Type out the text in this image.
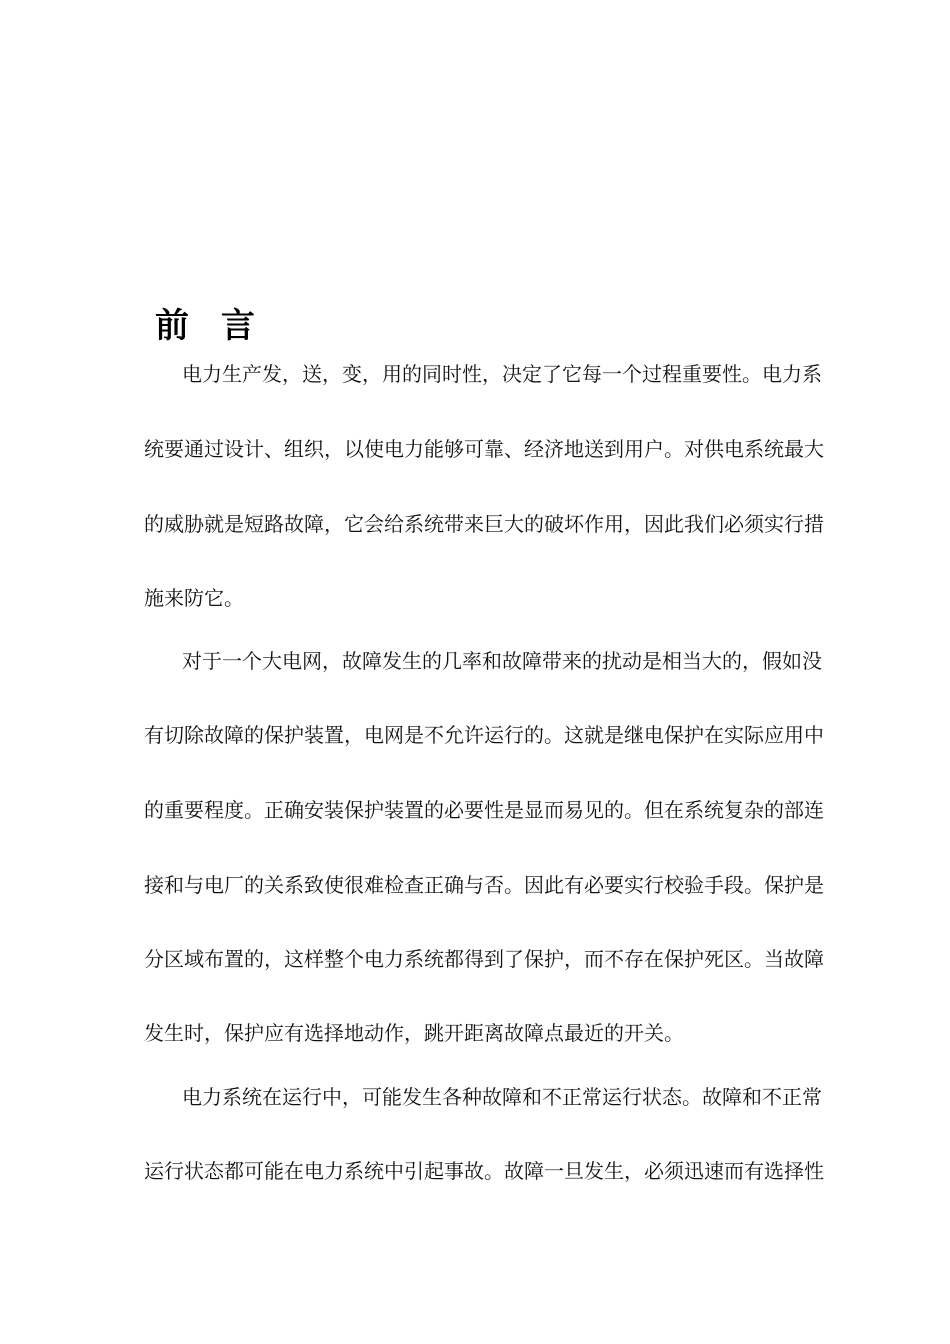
前 言

电力生产发，送，变，用的同时性，决定了它每一个过程重要性。电力系

统要通过设计、组织，以使电力能够可靠、经济地送到用户。对供电系统最大

的威胁就是短路故障，它会给系统带来巨大的破坏作用，因此我们必须实行措

施来防它。

对于一个大电网，故障发生的几率和故障带来的扰动是相当大的，假如没

有切除故障的保护装置，电网是不允许运行的。这就是继电保护在实际应用中

的重要程度。正确安装保护装置的必要性是显而易见的。但在系统复杂的部连

接和与电厂的关系致使很难检查正确与否。因此有必要实行校验手段。保护是

分区域布置的，这样整个电力系统都得到了保护，而不存在保护死区。当故障

发生时，保护应有选择地动作，跳开距离故障点最近的开关。

电力系统在运行中，可能发生各种故障和不正常运行状态。故障和不正常

运行状态都可能在电力系统中引起事故。故障一旦发生，必须迅速而有选择性
